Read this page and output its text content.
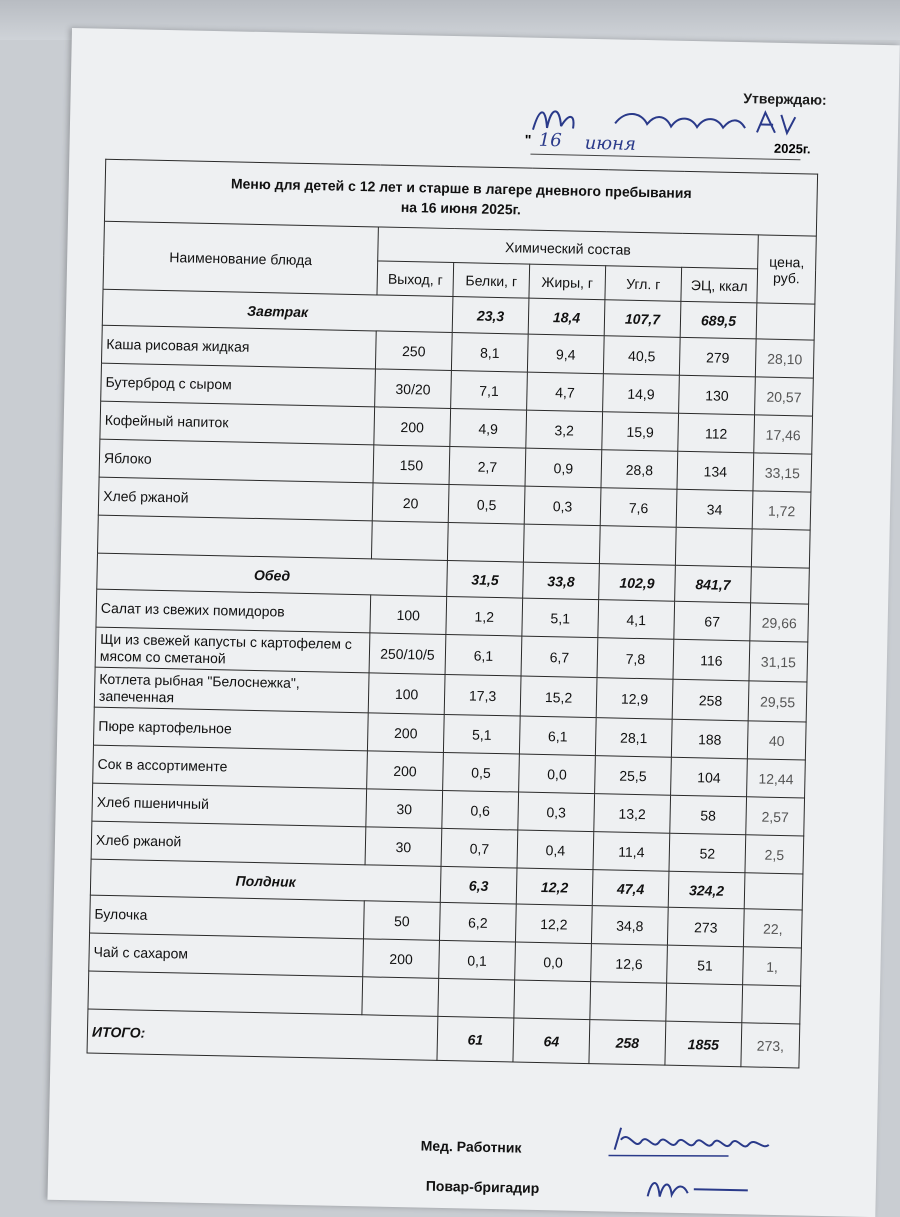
Утверждаю:
" 16 июня	2025г.
Меню для детей с 12 лет и старше в лагере дневного пребывания
на 16 июня 2025г.						

Наименование блюда	Химический состав					цена, руб.
	Выход, г	Белки, г	Жиры, г	Угл. г	ЭЦ, ккал	
Завтрак		23,3	18,4	107,7	689,5	
Каша рисовая жидкая	250	8,1	9,4	40,5	279	28,10
Бутерброд с сыром	30/20	7,1	4,7	14,9	130	20,57
Кофейный напиток	200	4,9	3,2	15,9	112	17,46
Яблоко	150	2,7	0,9	28,8	134	33,15
Хлеб ржаной	20	0,5	0,3	7,6	34	1,72

Обед		31,5	33,8	102,9	841,7	
Салат из свежих помидоров	100	1,2	5,1	4,1	67	29,66
Щи из свежей капусты с картофелем с мясом со сметаной	250/10/5	6,1	6,7	7,8	116	31,15
Котлета рыбная "Белоснежка", запеченная	100	17,3	15,2	12,9	258	29,55
Пюре картофельное	200	5,1	6,1	28,1	188	40
Сок в ассортименте	200	0,5	0,0	25,5	104	12,44
Хлеб пшеничный	30	0,6	0,3	13,2	58	2,57
Хлеб ржаной	30	0,7	0,4	11,4	52	2,5
Полдник		6,3	12,2	47,4	324,2	
Булочка	50	6,2	12,2	34,8	273	22,
Чай с сахаром	200	0,1	0,0	12,6	51	1,

ИТОГО:		61	64	258	1855	273,
Мед. Работник
Повар-бригадир
